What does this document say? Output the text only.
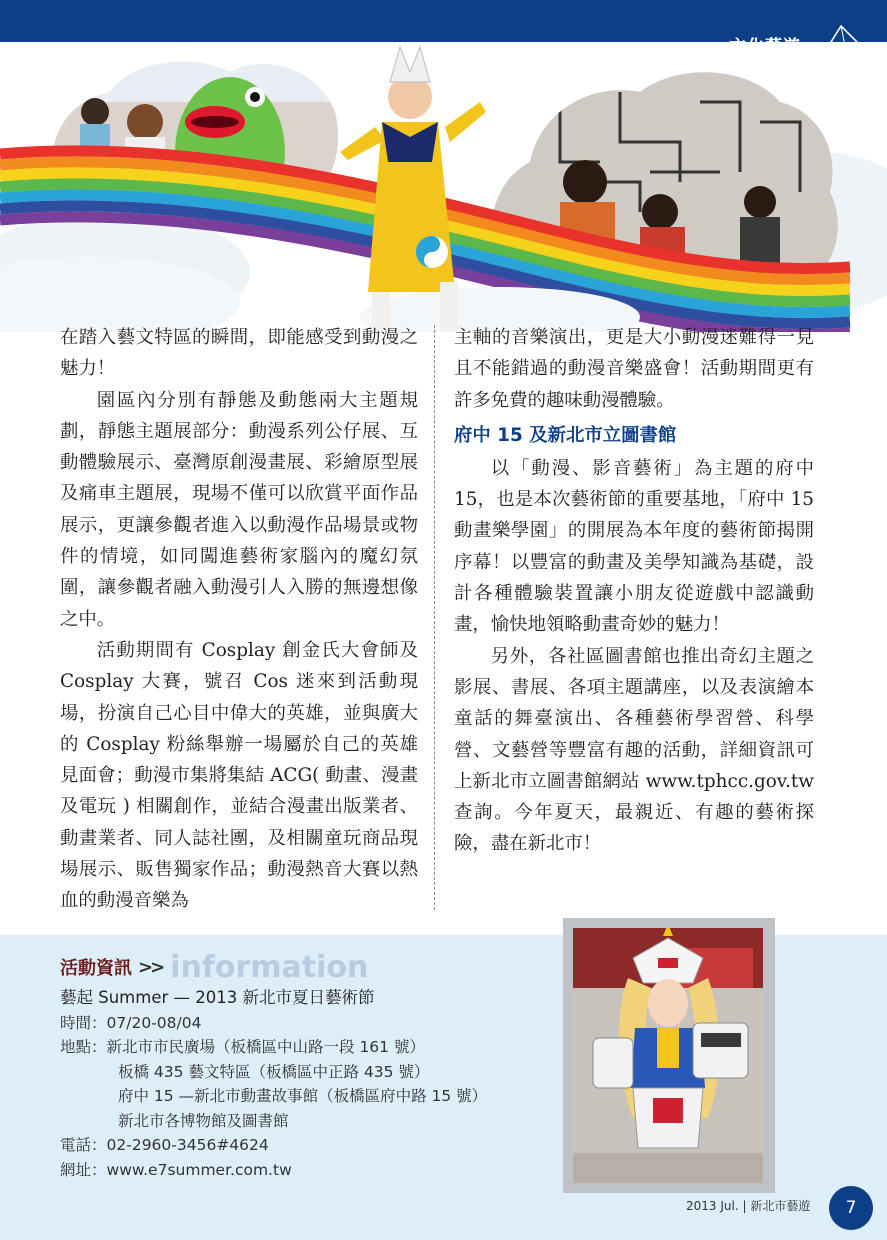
在踏入藝文特區的瞬間，即能感受到動漫之魅力！

園區內分別有靜態及動態兩大主題規劃，靜態主題展部分：動漫系列公仔展、互動體驗展示、臺灣原創漫畫展、彩繪原型展及痛車主題展，現場不僅可以欣賞平面作品展示，更讓參觀者進入以動漫作品場景或物件的情境，如同闖進藝術家腦內的魔幻氛圍，讓參觀者融入動漫引人入勝的無邊想像之中。

活動期間有 Cosplay 創金氏大會師及 Cosplay 大賽，號召 Cos 迷來到活動現場，扮演自己心目中偉大的英雄，並與廣大的 Cosplay 粉絲舉辦一場屬於自己的英雄見面會；動漫市集將集結 ACG( 動畫、漫畫及電玩 ) 相關創作，並結合漫畫出版業者、動畫業者、同人誌社團，及相關童玩商品現場展示、販售獨家作品；動漫熱音大賽以熱血的動漫音樂為

主軸的音樂演出，更是大小動漫迷難得一見且不能錯過的動漫音樂盛會！活動期間更有許多免費的趣味動漫體驗。

府中 15 及新北市立圖書館

以「動漫、影音藝術」為主題的府中 15，也是本次藝術節的重要基地，「府中 15 動畫樂學園」的開展為本年度的藝術節揭開序幕！以豐富的動畫及美學知識為基礎，設計各種體驗裝置讓小朋友從遊戲中認識動畫，愉快地領略動畫奇妙的魅力！

另外，各社區圖書館也推出奇幻主題之影展、書展、各項主題講座，以及表演繪本童話的舞臺演出、各種藝術學習營、科學營、文藝營等豐富有趣的活動，詳細資訊可上新北市立圖書館網站 www.tphcc.gov.tw 查詢。今年夏天，最親近、有趣的藝術探險，盡在新北市！

活動資訊 >> information
藝起 Summer — 2013 新北市夏日藝術節
時間：07/20-08/04
地點：新北市市民廣場（板橋區中山路一段 161 號）
板橋 435 藝文特區（板橋區中正路 435 號）
府中 15 —新北市動畫故事館（板橋區府中路 15 號）
新北市各博物館及圖書館
電話：02-2960-3456#4624
網址：www.e7summer.com.tw
2013 Jul. | 新北市藝遊	7
